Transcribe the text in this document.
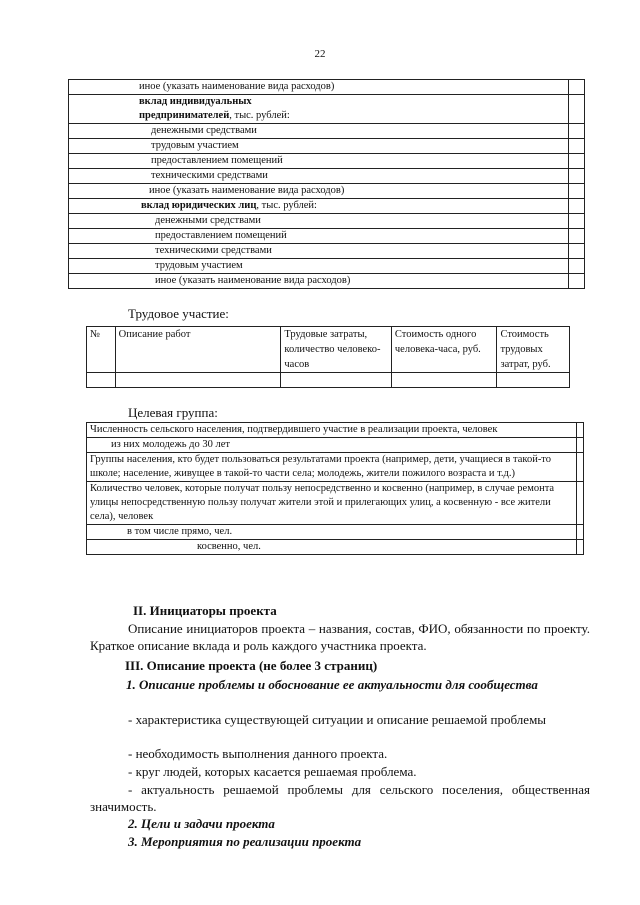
22
иное (указать наименование вида расходов)	
вклад индивидуальных	
предпринимателей, тыс. рублей:	
денежными средствами	
трудовым участием	
предоставлением помещений	
техническими средствами	
иное (указать наименование вида расходов)	
вклад юридических лиц, тыс. рублей:	
денежными средствами	
предоставлением помещений	
техническими средствами	
трудовым участием	
иное (указать наименование вида расходов)	
Трудовое участие:
№	Описание работ	Трудовые затраты, количество человеко-часов	Стоимость одного человека-часа, руб.	Стоимость трудовых затрат, руб.

Целевая группа:
Численность сельского населения, подтвердившего участие в реализации проекта, человек	
из них молодежь до 30 лет	
Группы населения, кто будет пользоваться результатами проекта (например, дети, учащиеся в такой-то школе; население, живущее в такой-то части села; молодежь, жители пожилого возраста и т.д.)	
Количество человек, которые получат пользу непосредственно и косвенно (например, в случае ремонта улицы непосредственную пользу получат жители этой и прилегающих улиц, а косвенную - все жители села), человек	
в том числе прямо, чел.	
косвенно, чел.	
II. Инициаторы проекта
Описание инициаторов проекта – названия, состав, ФИО, обязанности по проекту. Краткое описание вклада и роль каждого участника проекта.
III. Описание проекта (не более 3 страниц)
1. Описание проблемы и обоснование ее актуальности для сообщества
- характеристика существующей ситуации и описание решаемой проблемы
- необходимость выполнения данного проекта.
- круг людей, которых касается решаемая проблема.
- актуальность решаемой проблемы для сельского поселения, общественная значимость.
2. Цели и задачи проекта
3. Мероприятия по реализации проекта
